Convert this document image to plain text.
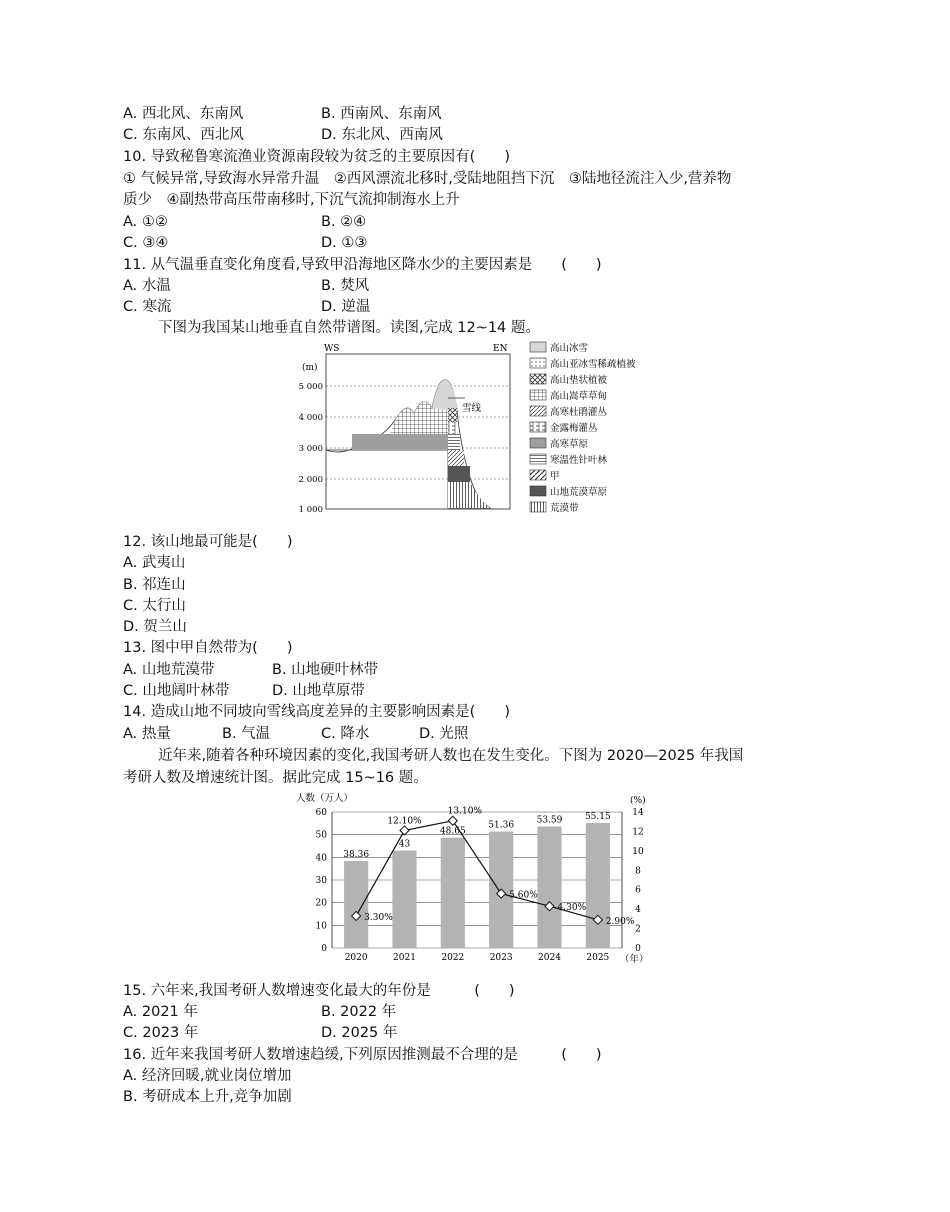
A. 西北风、东南风	B. 西南风、东南风
C. 东南风、西北风	D. 东北风、西南风
10. 导致秘鲁寒流渔业资源南段较为贫乏的主要原因有(　　)
① 气候异常,导致海水异常升温　②西风漂流北移时,受陆地阻挡下沉　③陆地径流注入少,营养物
质少　④副热带高压带南移时,下沉气流抑制海水上升
A. ①②	B. ②④
C. ③④	D. ①③
11. 从气温垂直变化角度看,导致甲沿海地区降水少的主要因素是　　(　　)
A. 水温	B. 焚风
C. 寒流	D. 逆温
下图为我国某山地垂直自然带谱图。读图,完成 12~14 题。
WS	EN
(m)
5 000
4 000
3 000
2 000
1 000
雪线
高山冰雪
高山亚冰雪稀疏植被
高山垫状植被
高山嵩草草甸
高寒杜鹃灌丛
金露梅灌丛
高寒草原
寒温性针叶林
甲
山地荒漠草原
荒漠带
12. 该山地最可能是(　　)
A. 武夷山
B. 祁连山
C. 太行山
D. 贺兰山
13. 图中甲自然带为(　　)
A. 山地荒漠带	B. 山地硬叶林带
C. 山地阔叶林带	D. 山地草原带
14. 造成山地不同坡向雪线高度差异的主要影响因素是(　　)
A. 热量	B. 气温	C. 降水	D. 光照
近年来,随着各种环境因素的变化,我国考研人数也在发生变化。下图为 2020—2025 年我国
考研人数及增速统计图。据此完成 15~16 题。
人数（万人）	(%)
（年）
0
10
20
30
40
50
60
0
2
4
6
8
10
12
14
2020	2021	2022	2023	2024	2025
38.36
43
48.65
51.36
53.59	55.15
3.30%
12.10%
13.10%
5.60%
4.30%
2.90%
15. 六年来,我国考研人数增速变化最大的年份是　　　(　　)
A. 2021 年	B. 2022 年
C. 2023 年	D. 2025 年
16. 近年来我国考研人数增速趋缓,下列原因推测最不合理的是　　　(　　)
A. 经济回暖,就业岗位增加
B. 考研成本上升,竞争加剧
